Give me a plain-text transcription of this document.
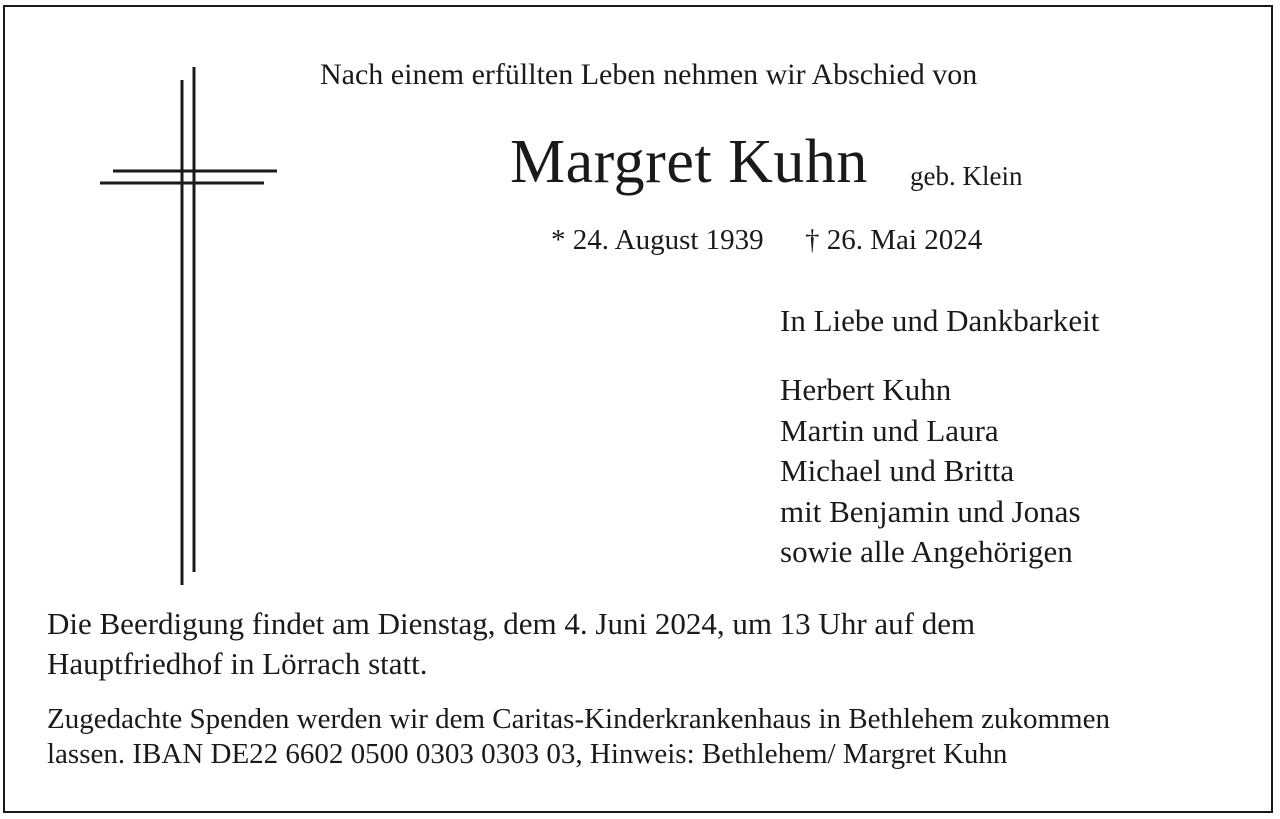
Nach einem erfüllten Leben nehmen wir Abschied von
Margret Kuhn geb. Klein
* 24. August 1939 † 26. Mai 2024
In Liebe und Dankbarkeit
Herbert Kuhn
Martin und Laura
Michael und Britta
mit Benjamin und Jonas
sowie alle Angehörigen

Die Beerdigung findet am Dienstag, dem 4. Juni 2024, um 13 Uhr auf dem
Hauptfriedhof in Lörrach statt.

Zugedachte Spenden werden wir dem Caritas-Kinderkrankenhaus in Bethlehem zukommen
lassen. IBAN DE22 6602 0500 0303 0303 03, Hinweis: Bethlehem/ Margret Kuhn
